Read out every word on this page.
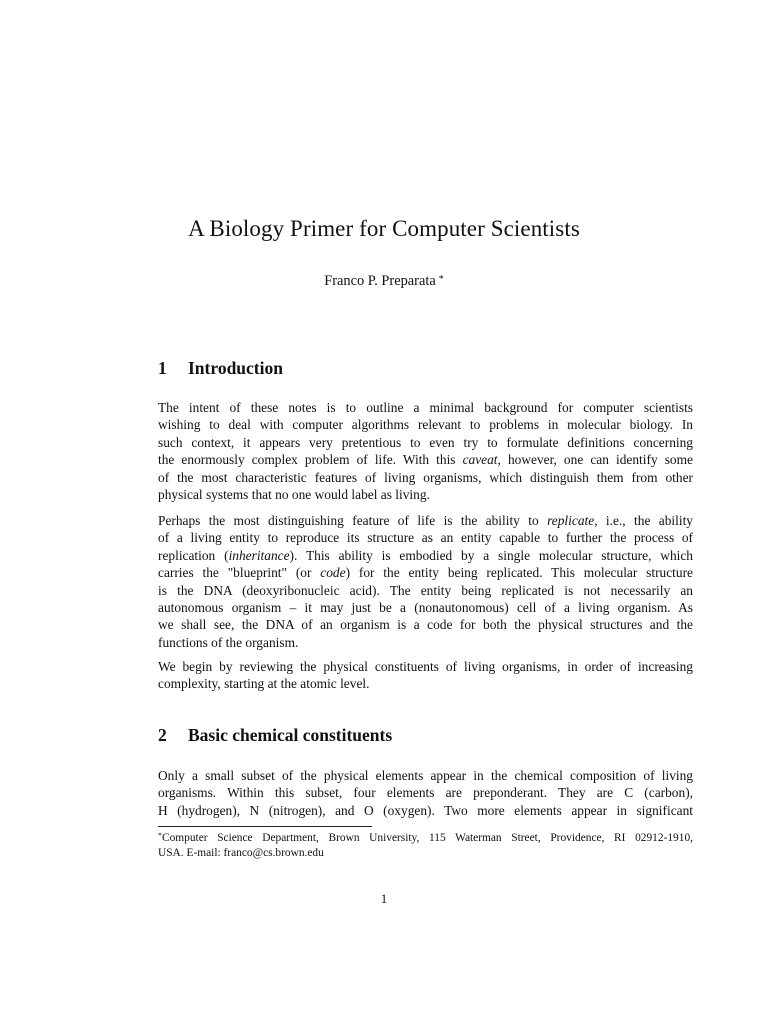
A Biology Primer for Computer Scientists
Franco P. Preparata *
1 Introduction
The intent of these notes is to outline a minimal background for computer scientists
wishing to deal with computer algorithms relevant to problems in molecular biology. In
such context, it appears very pretentious to even try to formulate definitions concerning
the enormously complex problem of life. With this caveat, however, one can identify some
of the most characteristic features of living organisms, which distinguish them from other
physical systems that no one would label as living.
Perhaps the most distinguishing feature of life is the ability to replicate, i.e., the ability
of a living entity to reproduce its structure as an entity capable to further the process of
replication (inheritance). This ability is embodied by a single molecular structure, which
carries the "blueprint" (or code) for the entity being replicated. This molecular structure
is the DNA (deoxyribonucleic acid). The entity being replicated is not necessarily an
autonomous organism – it may just be a (nonautonomous) cell of a living organism. As
we shall see, the DNA of an organism is a code for both the physical structures and the
functions of the organism.
We begin by reviewing the physical constituents of living organisms, in order of increasing
complexity, starting at the atomic level.
2 Basic chemical constituents
Only a small subset of the physical elements appear in the chemical composition of living
organisms. Within this subset, four elements are preponderant. They are C (carbon),
H (hydrogen), N (nitrogen), and O (oxygen). Two more elements appear in significant
*Computer Science Department, Brown University, 115 Waterman Street, Providence, RI 02912-1910,
USA. E-mail: franco@cs.brown.edu
1
